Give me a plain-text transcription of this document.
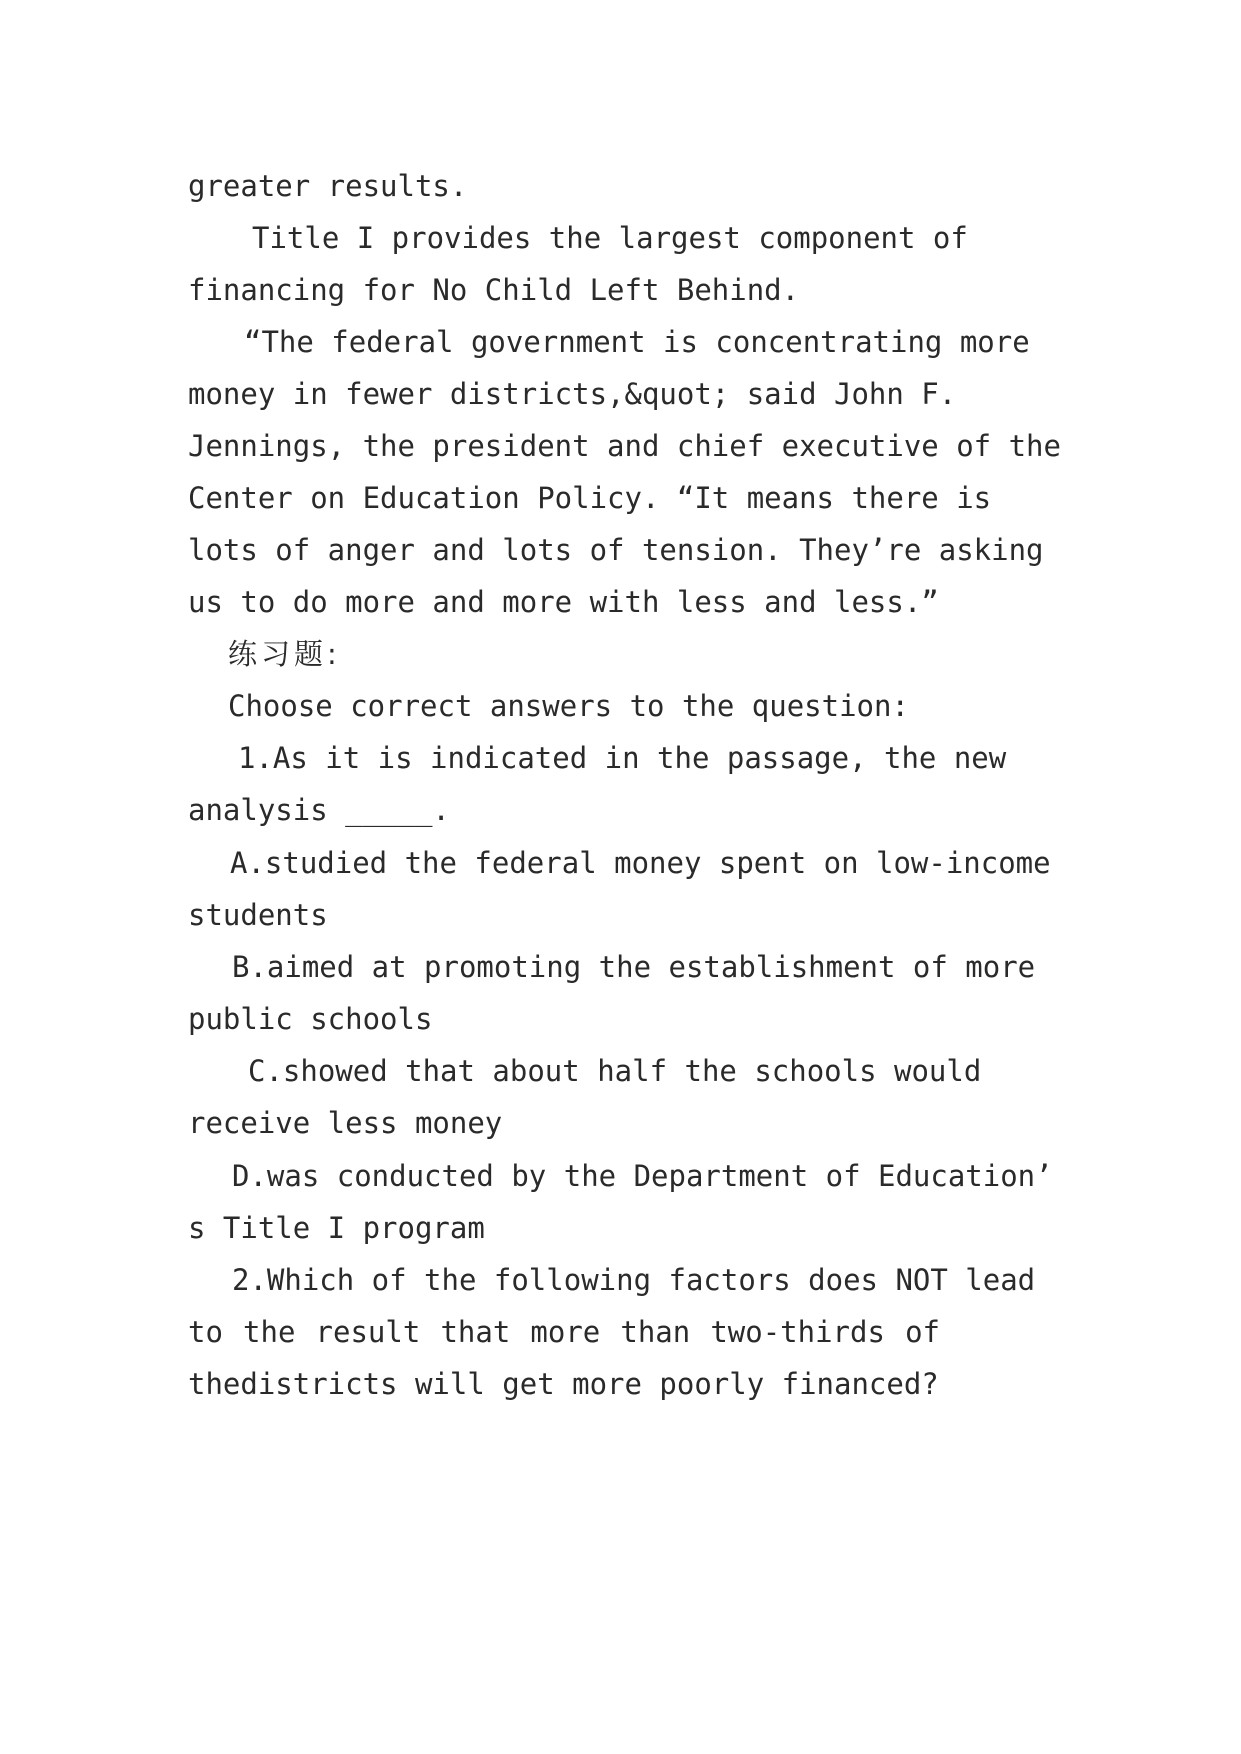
greater results.
Title I provides the largest component of
financing for No Child Left Behind.
“The federal government is concentrating more
money in fewer districts,&quot; said John F.
Jennings, the president and chief executive of the
Center on Education Policy. “It means there is
lots of anger and lots of tension. They’re asking
us to do more and more with less and less.”
练习题:
Choose correct answers to the question:
1.As it is indicated in the passage, the new
analysis _____.
A.studied the federal money spent on low-income
students
B.aimed at promoting the establishment of more
public schools
C.showed that about half the schools would
receive less money
D.was conducted by the Department of Education’
s Title I program
2.Which of the following factors does NOT lead
to the result that more than two-thirds of
thedistricts will get more poorly financed?
